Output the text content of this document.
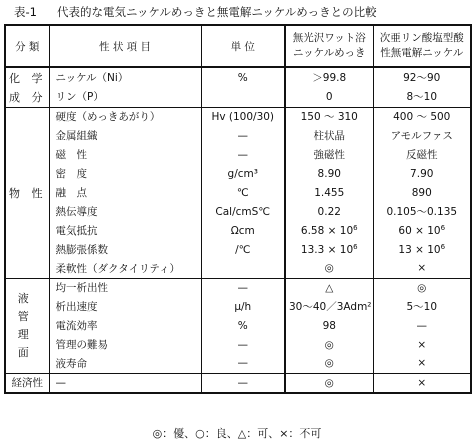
表-1 代表的な電気ニッケルめっきと無電解ニッケルめっきとの比較
分 類	性 状 項 目	単 位	無光沢ワット浴ニッケルめっき	次亜リン酸塩型酸性無電解ニッケル
化 学	ニッケル（Ni）	%	＞99.8	92～90
成 分	リン（P）		0	8～10
物 性	硬度（めっきあがり）	Hv (100/30)	150 ～ 310	400 ～ 500
	金属組織	—	柱状晶	アモルファス
	磁　性	—	強磁性	反磁性
	密　度	g/cm³	8.90	7.90
	融　点	℃	1.455	890
	熱伝導度	Cal/cmS℃	0.22	0.105～0.135
	電気抵抗	Ωcm	$6.58 \times 10^6$	$60 \times 10^6$
	熱膨張係数	/℃	$13.3 \times 10^6$	$13 \times 10^6$
	柔軟性（ダクタイリティ）		◎	×
液 管 理 面	均一析出性	—	△	◎
	析出速度	μ/h	30～40／3Adm²	5～10
	電流効率	%	98	—
	管理の難易	—	◎	×
	液寿命	—	◎	×
経済性	—	—	◎	×
◎：優、○：良、△：可、×：不可
